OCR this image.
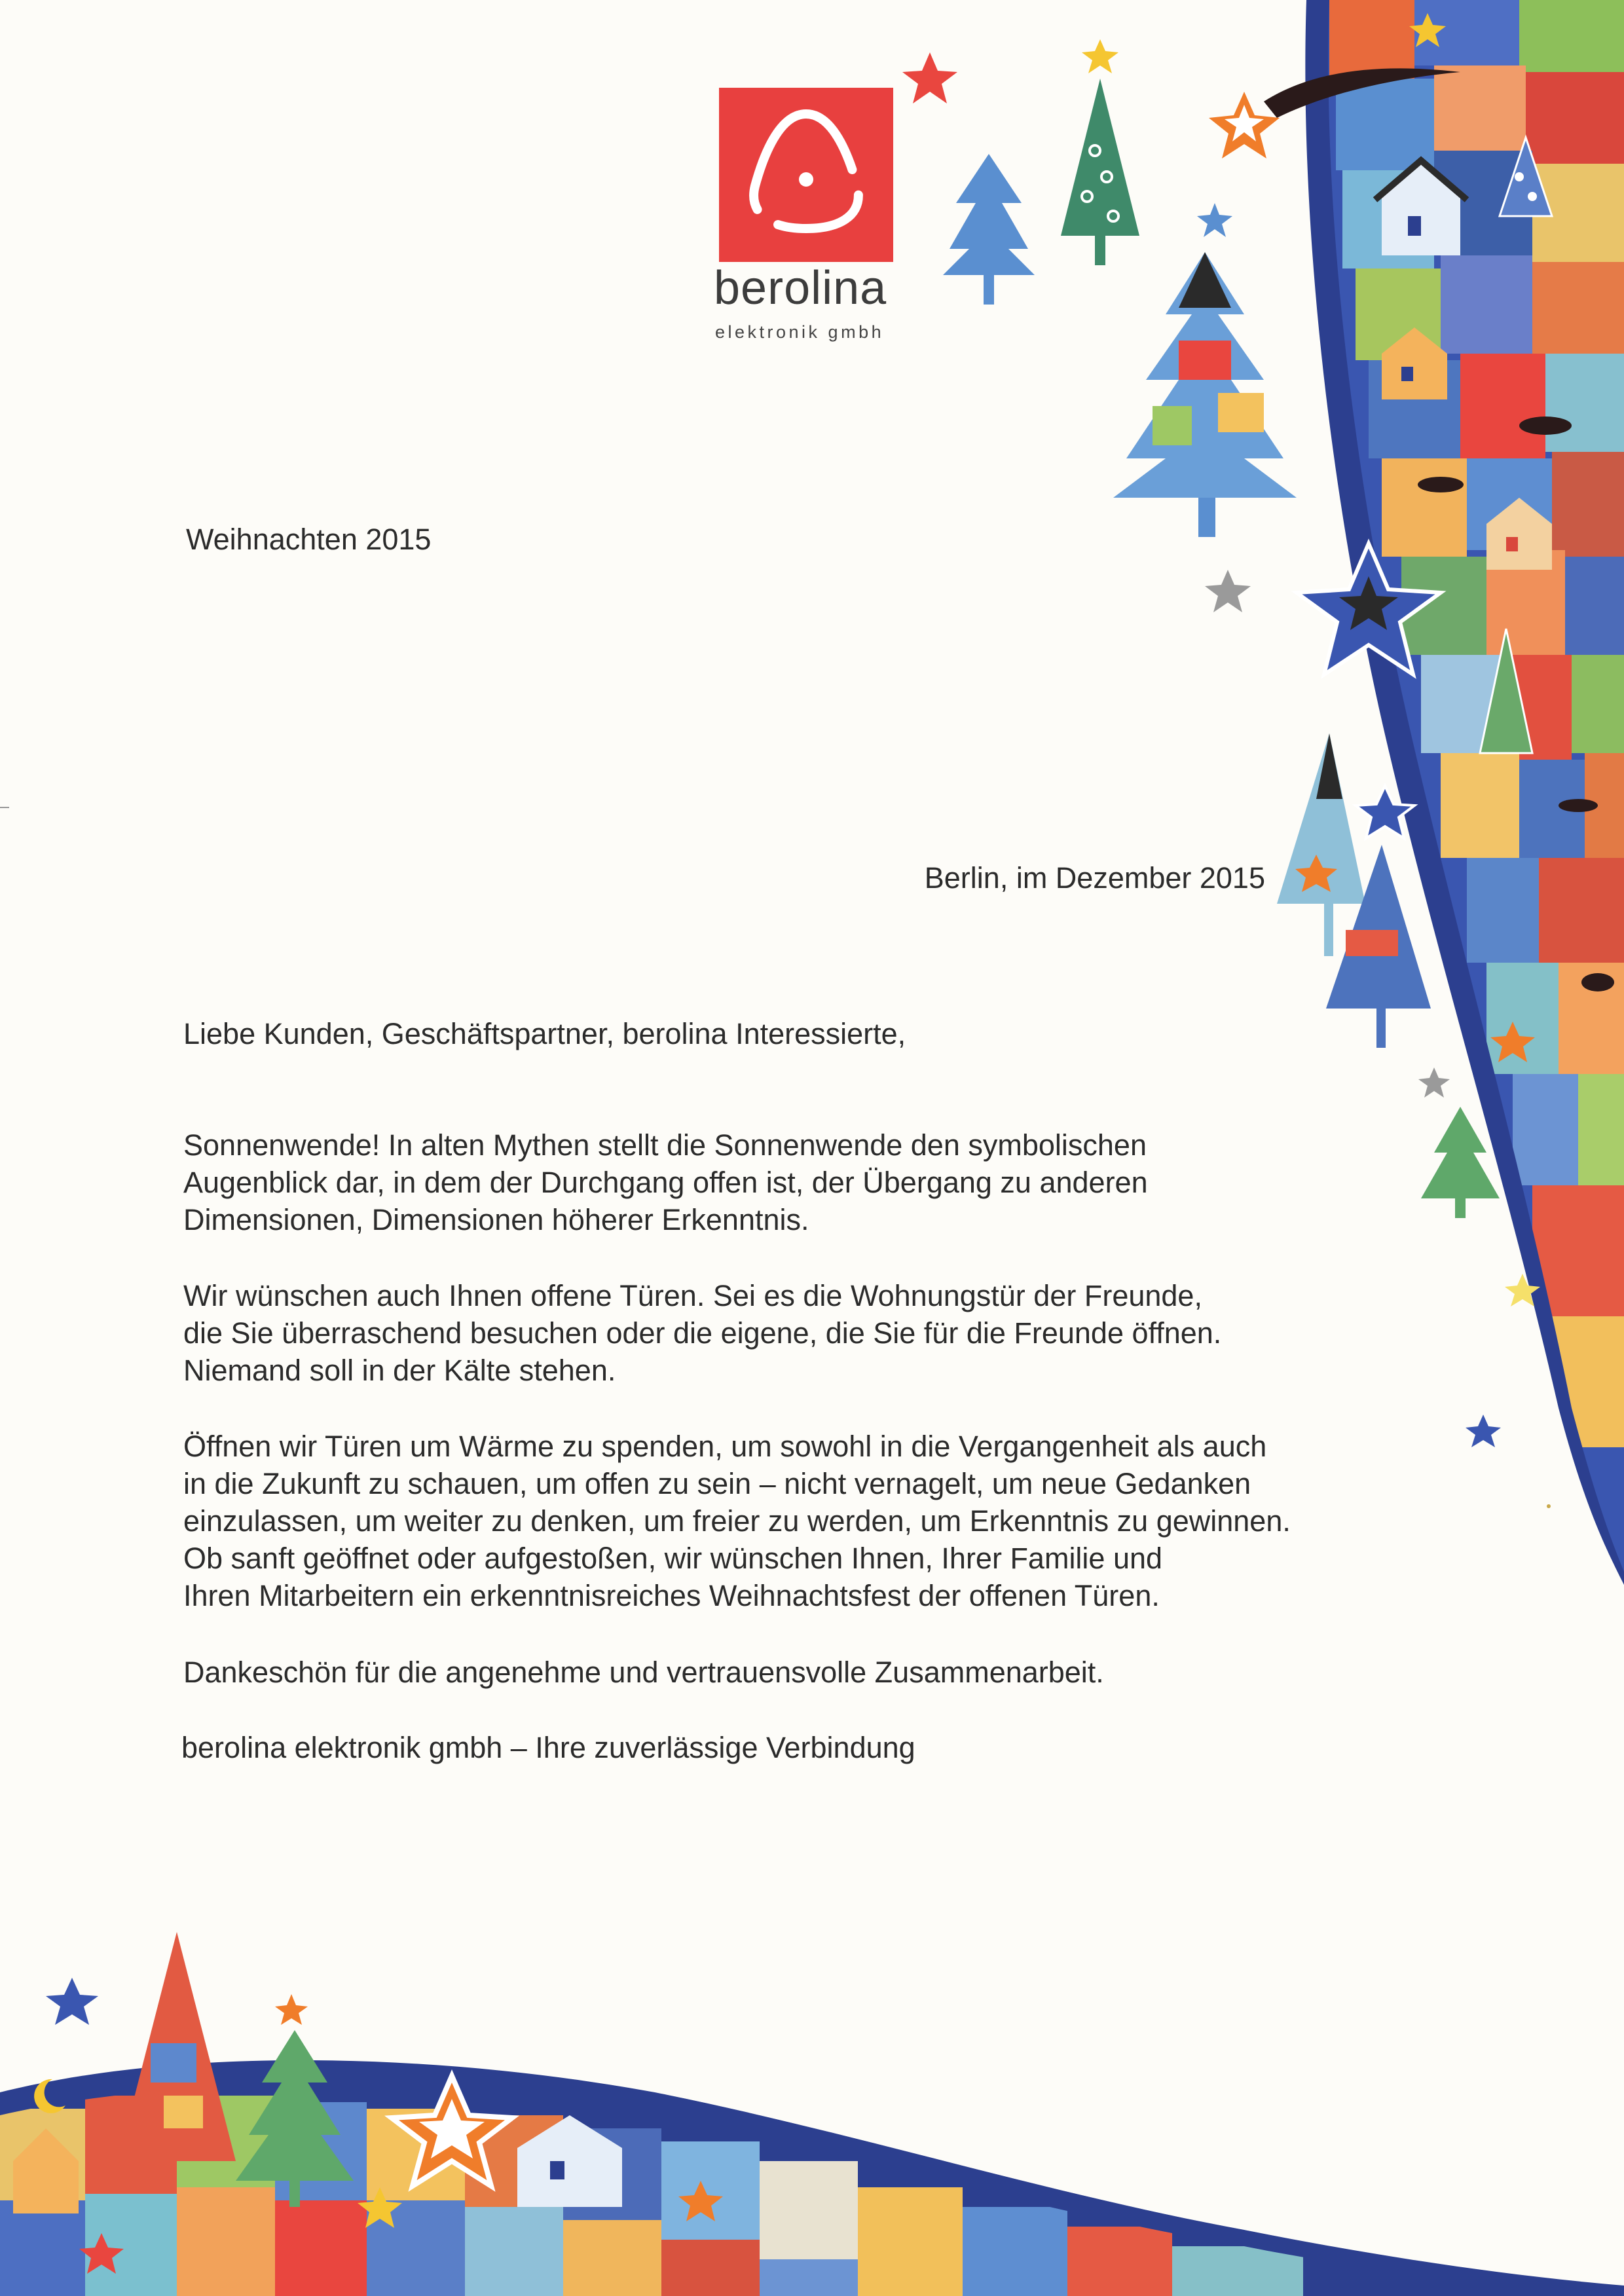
berolina
elektronik gmbh
Weihnachten 2015
Berlin, im Dezember 2015
Liebe Kunden, Geschäftspartner, berolina Interessierte,
Sonnenwende! In alten Mythen stellt die Sonnenwende den symbolischen
Augenblick dar, in dem der Durchgang offen ist, der Übergang zu anderen
Dimensionen, Dimensionen höherer Erkenntnis.
Wir wünschen auch Ihnen offene Türen. Sei es die Wohnungstür der Freunde,
die Sie überraschend besuchen oder die eigene, die Sie für die Freunde öffnen.
Niemand soll in der Kälte stehen.
Öffnen wir Türen um Wärme zu spenden, um sowohl in die Vergangenheit als auch
in die Zukunft zu schauen, um offen zu sein – nicht vernagelt, um neue Gedanken
einzulassen, um weiter zu denken, um freier zu werden, um Erkenntnis zu gewinnen.
Ob sanft geöffnet oder aufgestoßen, wir wünschen Ihnen, Ihrer Familie und
Ihren Mitarbeitern ein erkenntnisreiches Weihnachtsfest der offenen Türen.
Dankeschön für die angenehme und vertrauensvolle Zusammenarbeit.
berolina elektronik gmbh – Ihre zuverlässige Verbindung
